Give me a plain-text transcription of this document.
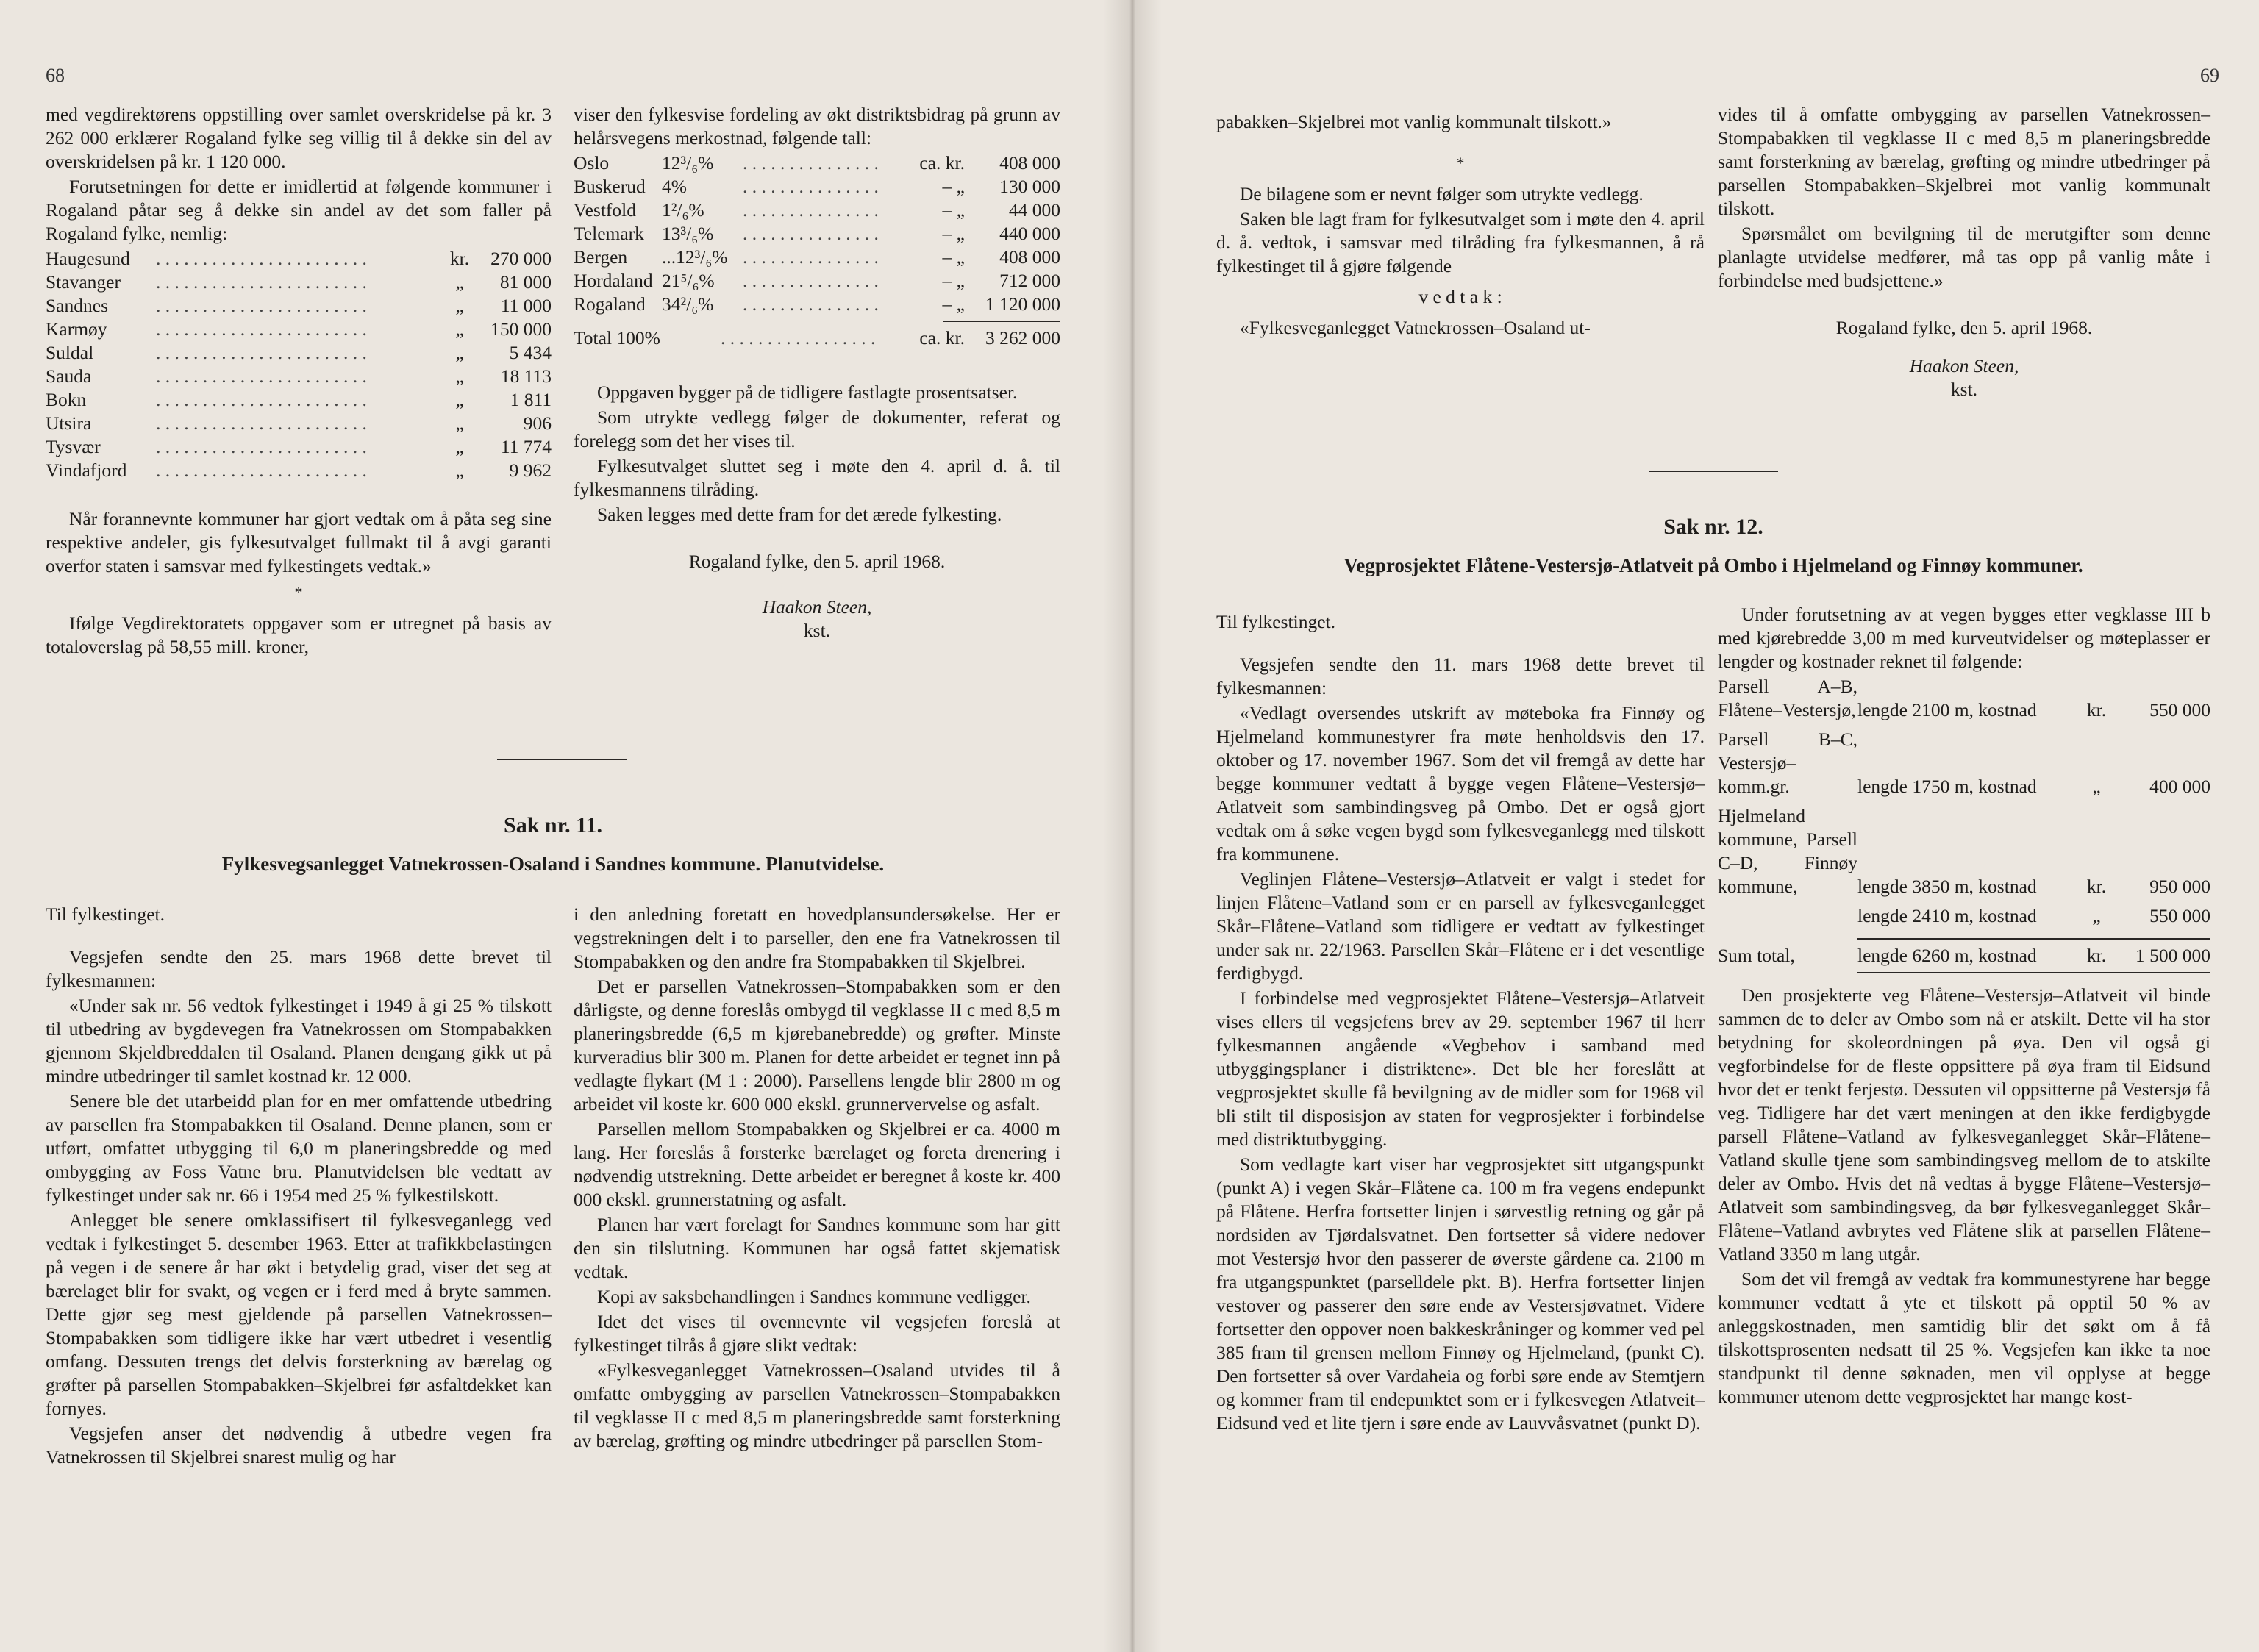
68

med vegdirektørens oppstilling over samlet overskridelse på kr. 3 262 000 erklærer Rogaland fylke seg villig til å dekke sin del av overskridelsen på kr. 1 120 000.

Forutsetningen for dette er imidlertid at følgende kommuner i Rogaland påtar seg å dekke sin andel av det som faller på Rogaland fylke, nemlig:

Haugesund	. . . . . . . . . . . . . . . . . . . . . . .	kr.	270 000
Stavanger	. . . . . . . . . . . . . . . . . . . . . . .	„	81 000
Sandnes	. . . . . . . . . . . . . . . . . . . . . . .	„	11 000
Karmøy	. . . . . . . . . . . . . . . . . . . . . . .	„	150 000
Suldal	. . . . . . . . . . . . . . . . . . . . . . .	„	5 434
Sauda	. . . . . . . . . . . . . . . . . . . . . . .	„	18 113
Bokn	. . . . . . . . . . . . . . . . . . . . . . .	„	1 811
Utsira	. . . . . . . . . . . . . . . . . . . . . . .	„	906
Tysvær	. . . . . . . . . . . . . . . . . . . . . . .	„	11 774
Vindafjord	. . . . . . . . . . . . . . . . . . . . . . .	„	9 962

Når forannevnte kommuner har gjort vedtak om å påta seg sine respektive andeler, gis fylkesutvalget fullmakt til å avgi garanti overfor staten i samsvar med fylkestingets vedtak.»

*

Ifølge Vegdirektoratets oppgaver som er utregnet på basis av totaloverslag på 58,55 mill. kroner,

viser den fylkesvise fordeling av økt distriktsbidrag på grunn av helårsvegens merkostnad, følgende tall:

Oslo	12³/₆%	. . . . . . . . . . . . . . .	ca. kr.	408 000
Buskerud	4%	. . . . . . . . . . . . . . .	– „	130 000
Vestfold	1²/₆%	. . . . . . . . . . . . . . .	– „	44 000
Telemark	13³/₆%	. . . . . . . . . . . . . . .	– „	440 000
Bergen	...12³/₆%	. . . . . . . . . . . . . . .	– „	408 000
Hordaland	21⁵/₆%	. . . . . . . . . . . . . . .	– „	712 000
Rogaland	34²/₆%	. . . . . . . . . . . . . . .	– „	1 120 000
Total 100%	. . . . . . . . . . . . . . . . .	ca. kr.	3 262 000

Oppgaven bygger på de tidligere fastlagte prosentsatser.

Som utrykte vedlegg følger de dokumenter, referat og forelegg som det her vises til.

Fylkesutvalget sluttet seg i møte den 4. april d. å. til fylkesmannens tilråding.

Saken legges med dette fram for det ærede fylkesting.

Rogaland fylke, den 5. april 1968.
Haakon Steen,
kst.
Sak nr. 11.
Fylkesvegsanlegget Vatnekrossen-Osaland i Sandnes kommune. Planutvidelse.

Til fylkestinget.

Vegsjefen sendte den 25. mars 1968 dette brevet til fylkesmannen:

«Under sak nr. 56 vedtok fylkestinget i 1949 å gi 25 % tilskott til utbedring av bygdevegen fra Vatnekrossen om Stompabakken gjennom Skjeldbreddalen til Osaland. Planen dengang gikk ut på mindre utbedringer til samlet kostnad kr. 12 000.

Senere ble det utarbeidd plan for en mer omfattende utbedring av parsellen fra Stompabakken til Osaland. Denne planen, som er utført, omfattet utbygging til 6,0 m planeringsbredde og med ombygging av Foss Vatne bru. Planutvidelsen ble vedtatt av fylkestinget under sak nr. 66 i 1954 med 25 % fylkestilskott.

Anlegget ble senere omklassifisert til fylkesveganlegg ved vedtak i fylkestinget 5. desember 1963. Etter at trafikkbelastingen på vegen i de senere år har økt i betydelig grad, viser det seg at bærelaget blir for svakt, og vegen er i ferd med å bryte sammen. Dette gjør seg mest gjeldende på parsellen Vatnekrossen–Stompabakken som tidligere ikke har vært utbedret i vesentlig omfang. Dessuten trengs det delvis forsterkning av bærelag og grøfter på parsellen Stompabakken–Skjelbrei før asfaltdekket kan fornyes.

Vegsjefen anser det nødvendig å utbedre vegen fra Vatnekrossen til Skjelbrei snarest mulig og har

i den anledning foretatt en hovedplansundersøkelse. Her er vegstrekningen delt i to parseller, den ene fra Vatnekrossen til Stompabakken og den andre fra Stompabakken til Skjelbrei.

Det er parsellen Vatnekrossen–Stompabakken som er den dårligste, og denne foreslås ombygd til vegklasse II c med 8,5 m planeringsbredde (6,5 m kjørebanebredde) og grøfter. Minste kurveradius blir 300 m. Planen for dette arbeidet er tegnet inn på vedlagte flykart (M 1 : 2000). Parsellens lengde blir 2800 m og arbeidet vil koste kr. 600 000 ekskl. grunnervervelse og asfalt.

Parsellen mellom Stompabakken og Skjelbrei er ca. 4000 m lang. Her foreslås å forsterke bærelaget og foreta drenering i nødvendig utstrekning. Dette arbeidet er beregnet å koste kr. 400 000 ekskl. grunnerstatning og asfalt.

Planen har vært forelagt for Sandnes kommune som har gitt den sin tilslutning. Kommunen har også fattet skjematisk vedtak.

Kopi av saksbehandlingen i Sandnes kommune vedligger.

Idet det vises til ovennevnte vil vegsjefen foreslå at fylkestinget tilrås å gjøre slikt vedtak:

«Fylkesveganlegget Vatnekrossen–Osaland utvides til å omfatte ombygging av parsellen Vatnekrossen–Stompabakken til vegklasse II c med 8,5 m planeringsbredde samt forsterkning av bærelag, grøfting og mindre utbedringer på parsellen Stom-

69

pabakken–Skjelbrei mot vanlig kommunalt tilskott.»

*

De bilagene som er nevnt følger som utrykte vedlegg.

Saken ble lagt fram for fylkesutvalget som i møte den 4. april d. å. vedtok, i samsvar med tilråding fra fylkesmannen, å rå fylkestinget til å gjøre følgende

v e d t a k :

«Fylkesveganlegget Vatnekrossen–Osaland ut-

vides til å omfatte ombygging av parsellen Vatnekrossen–Stompabakken til vegklasse II c med 8,5 m planeringsbredde samt forsterkning av bærelag, grøfting og mindre utbedringer på parsellen Stompabakken–Skjelbrei mot vanlig kommunalt tilskott.

Spørsmålet om bevilgning til de merutgifter som denne planlagte utvidelse medfører, må tas opp på vanlig måte i forbindelse med budsjettene.»

Rogaland fylke, den 5. april 1968.
Haakon Steen,
kst.
Sak nr. 12.
Vegprosjektet Flåtene-Vestersjø-Atlatveit på Ombo i Hjelmeland og Finnøy kommuner.

Til fylkestinget.

Vegsjefen sendte den 11. mars 1968 dette brevet til fylkesmannen:

«Vedlagt oversendes utskrift av møteboka fra Finnøy og Hjelmeland kommunestyrer fra møte henholdsvis den 17. oktober og 17. november 1967. Som det vil fremgå av dette har begge kommuner vedtatt å bygge vegen Flåtene–Vestersjø–Atlatveit som sambindingsveg på Ombo. Det er også gjort vedtak om å søke vegen bygd som fylkesveganlegg med tilskott fra kommunene.

Veglinjen Flåtene–Vestersjø–Atlatveit er valgt i stedet for linjen Flåtene–Vatland som er en parsell av fylkesveganlegget Skår–Flåtene–Vatland som tidligere er vedtatt av fylkestinget under sak nr. 22/1963. Parsellen Skår–Flåtene er i det vesentlige ferdigbygd.

I forbindelse med vegprosjektet Flåtene–Vestersjø–Atlatveit vises ellers til vegsjefens brev av 29. september 1967 til herr fylkesmannen angående «Vegbehov i samband med utbyggingsplaner i distriktene». Det ble her foreslått at vegprosjektet skulle få bevilgning av de midler som for 1968 vil bli stilt til disposisjon av staten for vegprosjekter i forbindelse med distriktutbygging.

Som vedlagte kart viser har vegprosjektet sitt utgangspunkt (punkt A) i vegen Skår–Flåtene ca. 100 m fra vegens endepunkt på Flåtene. Herfra fortsetter linjen i sørvestlig retning og går på nordsiden av Tjørdalsvatnet. Den fortsetter så videre nedover mot Vestersjø hvor den passerer de øverste gårdene ca. 2100 m fra utgangspunktet (parselldele pkt. B). Herfra fortsetter linjen vestover og passerer den søre ende av Vestersjøvatnet. Videre fortsetter den oppover noen bakkeskråninger og kommer ved pel 385 fram til grensen mellom Finnøy og Hjelmeland, (punkt C). Den fortsetter så over Vardaheia og forbi søre ende av Stemtjern og kommer fram til endepunktet som er i fylkesvegen Atlatveit–Eidsund ved et lite tjern i søre ende av Lauvvåsvatnet (punkt D).

Under forutsetning av at vegen bygges etter vegklasse III b med kjørebredde 3,00 m med kurveutvidelser og møteplasser er lengder og kostnader reknet til følgende:

Parsell A–B, Flåtene–Vestersjø,	lengde 2100 m, kostnad	kr.	550 000
Parsell B–C, Vestersjø–komm.gr.	lengde 1750 m, kostnad	„	400 000
Hjelmeland kommune, Parsell C–D, Finnøy kommune,	lengde 3850 m, kostnad	kr.	950 000
	lengde 2410 m, kostnad	„	550 000
Sum total,	lengde 6260 m, kostnad	kr.	1 500 000

Den prosjekterte veg Flåtene–Vestersjø–Atlatveit vil binde sammen de to deler av Ombo som nå er atskilt. Dette vil ha stor betydning for skoleordningen på øya. Den vil også gi vegforbindelse for de fleste oppsittere på øya fram til Eidsund hvor det er tenkt ferjestø. Dessuten vil oppsitterne på Vestersjø få veg. Tidligere har det vært meningen at den ikke ferdigbygde parsell Flåtene–Vatland av fylkesveganlegget Skår–Flåtene–Vatland skulle tjene som sambindingsveg mellom de to atskilte deler av Ombo. Hvis det nå vedtas å bygge Flåtene–Vestersjø–Atlatveit som sambindingsveg, da bør fylkesveganlegget Skår–Flåtene–Vatland avbrytes ved Flåtene slik at parsellen Flåtene–Vatland 3350 m lang utgår.

Som det vil fremgå av vedtak fra kommunestyrene har begge kommuner vedtatt å yte et tilskott på opptil 50 % av anleggskostnaden, men samtidig blir det søkt om å få tilskottsprosenten nedsatt til 25 %. Vegsjefen kan ikke ta noe standpunkt til denne søknaden, men vil opplyse at begge kommuner utenom dette vegprosjektet har mange kost-
